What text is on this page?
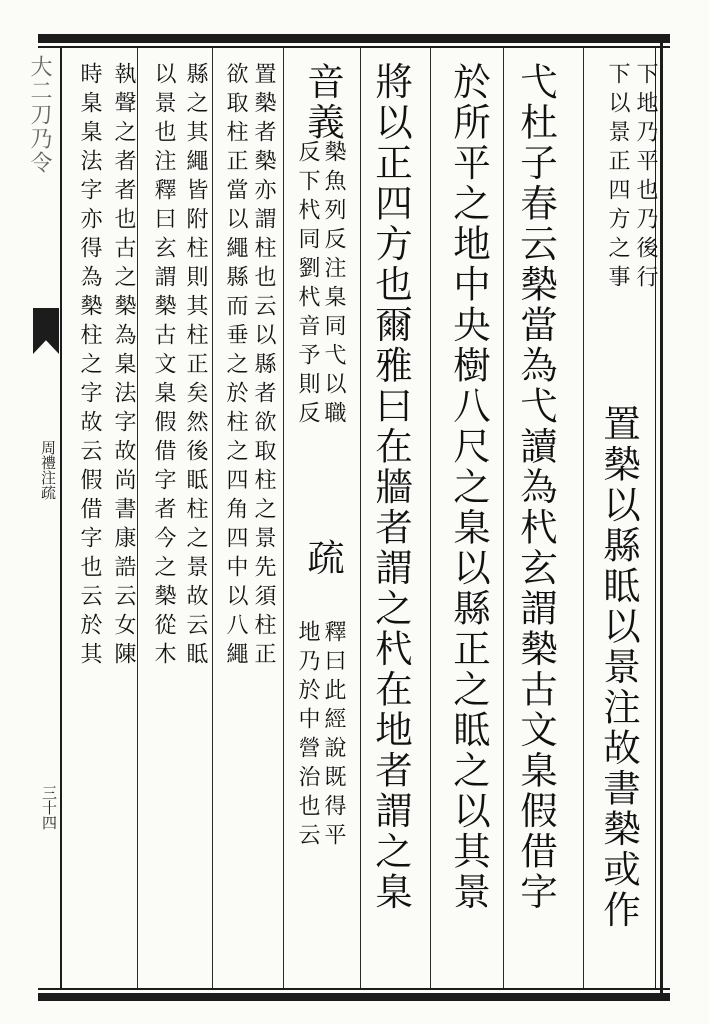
大二刀乃令
周禮注疏
三十四
下地乃平也乃後行
下以景正四方之事
置槷以縣眡以景注故書槷或作
弋杜子春云槷當為弋讀為杙玄謂槷古文臬假借字
於所平之地中央樹八尺之臬以縣正之眡之以其景
將以正四方也爾雅曰在牆者謂之杙在地者謂之臬
音義
槷魚列反注臬同弋以職
反下杙同劉杙音予則反
疏
釋曰此經說既得平
地乃於中營治也云
置槷者槷亦謂柱也云以縣者欲取柱之景先須柱正
欲取柱正當以繩縣而垂之於柱之四角四中以八繩
縣之其繩皆附柱則其柱正矣然後眡柱之景故云眡
以景也注釋曰玄謂槷古文臬假借字者今之槷從木
執聲之者者也古之槷為臬法字故尚書康誥云女陳
時臬臬法字亦得為槷柱之字故云假借字也云於其
